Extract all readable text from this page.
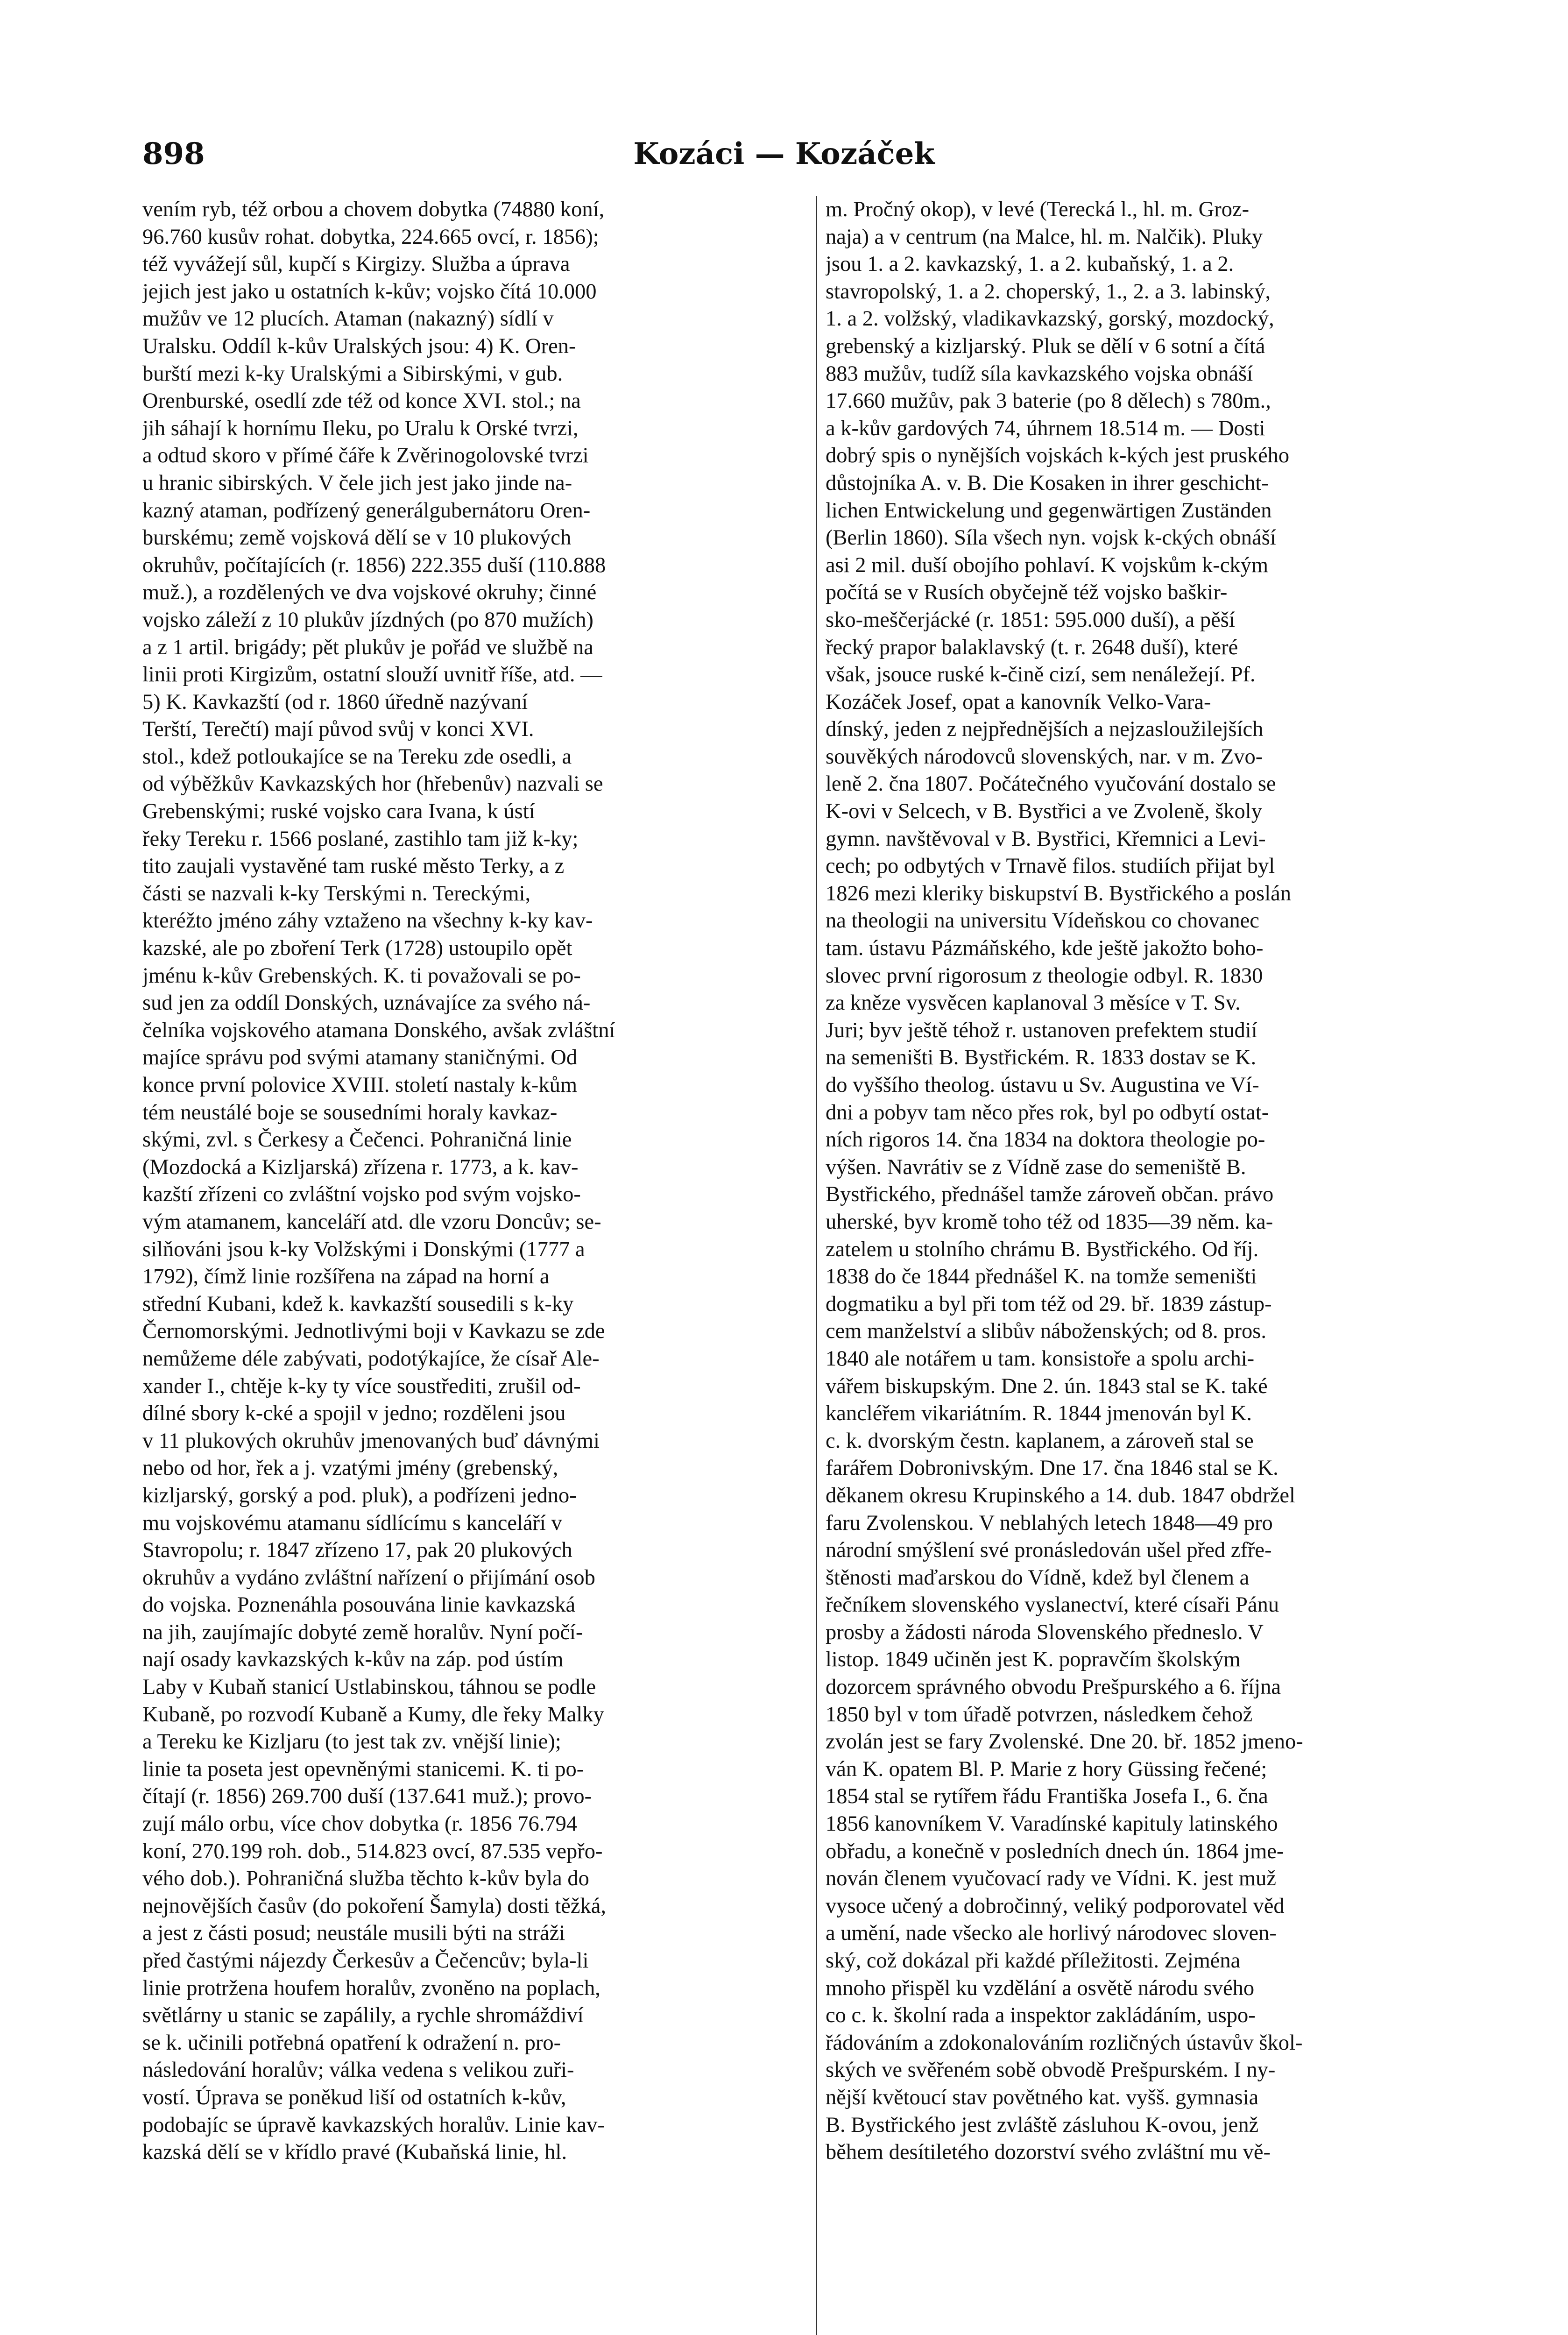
898	Kozáci — Kozáček
vením ryb, též orbou a chovem dobytka (74880 koní,
96.760 kusův rohat. dobytka, 224.665 ovcí, r. 1856);
též vyvážejí sůl, kupčí s Kirgizy. Služba a úprava
jejich jest jako u ostatních k-kův; vojsko čítá 10.000
mužův ve 12 plucích. Ataman (nakazný) sídlí v
Uralsku. Oddíl k-kův Uralských jsou: 4) K. Oren-
burští mezi k-ky Uralskými a Sibirskými, v gub.
Orenburské, osedlí zde též od konce XVI. stol.; na
jih sáhají k hornímu Ileku, po Uralu k Orské tvrzi,
a odtud skoro v přímé čáře k Zvěrinogolovské tvrzi
u hranic sibirských. V čele jich jest jako jinde na-
kazný ataman, podřízený generálgubernátoru Oren-
burskému; země vojsková dělí se v 10 plukových
okruhův, počítajících (r. 1856) 222.355 duší (110.888
muž.), a rozdělených ve dva vojskové okruhy; činné
vojsko záleží z 10 plukův jízdných (po 870 mužích)
a z 1 artil. brigády; pět plukův je pořád ve službě na
linii proti Kirgizům, ostatní slouží uvnitř říše, atd. —
5) K. Kavkazští (od r. 1860 úředně nazývaní
Terští, Terečtí) mají původ svůj v konci XVI.
stol., kdež potloukajíce se na Tereku zde osedli, a
od výběžkův Kavkazských hor (hřebenův) nazvali se
Grebenskými; ruské vojsko cara Ivana, k ústí
řeky Tereku r. 1566 poslané, zastihlo tam již k-ky;
tito zaujali vystavěné tam ruské město Terky, a z
části se nazvali k-ky Terskými n. Tereckými,
kteréžto jméno záhy vztaženo na všechny k-ky kav-
kazské, ale po zboření Terk (1728) ustoupilo opět
jménu k-kův Grebenských. K. ti považovali se po-
sud jen za oddíl Donských, uznávajíce za svého ná-
čelníka vojskového atamana Donského, avšak zvláštní
majíce správu pod svými atamany staničnými. Od
konce první polovice XVIII. století nastaly k-kům
tém neustálé boje se sousedními horaly kavkaz-
skými, zvl. s Čerkesy a Čečenci. Pohraničná linie
(Mozdocká a Kizljarská) zřízena r. 1773, a k. kav-
kazští zřízeni co zvláštní vojsko pod svým vojsko-
vým atamanem, kanceláří atd. dle vzoru Doncův; se-
silňováni jsou k-ky Volžskými i Donskými (1777 a
1792), čímž linie rozšířena na západ na horní a
střední Kubani, kdež k. kavkazští sousedili s k-ky
Černomorskými. Jednotlivými boji v Kavkazu se zde
nemůžeme déle zabývati, podotýkajíce, že císař Ale-
xander I., chtěje k-ky ty více soustřediti, zrušil od-
dílné sbory k-cké a spojil v jedno; rozděleni jsou
v 11 plukových okruhův jmenovaných buď dávnými
nebo od hor, řek a j. vzatými jmény (grebenský,
kizljarský, gorský a pod. pluk), a podřízeni jedno-
mu vojskovému atamanu sídlícímu s kanceláří v
Stavropolu; r. 1847 zřízeno 17, pak 20 plukových
okruhův a vydáno zvláštní nařízení o přijímání osob
do vojska. Poznenáhla posouvána linie kavkazská
na jih, zaujímajíc dobyté země horalův. Nyní počí-
nají osady kavkazských k-kův na záp. pod ústím
Laby v Kubaň stanicí Ustlabinskou, táhnou se podle
Kubaně, po rozvodí Kubaně a Kumy, dle řeky Malky
a Tereku ke Kizljaru (to jest tak zv. vnější linie);
linie ta poseta jest opevněnými stanicemi. K. ti po-
čítají (r. 1856) 269.700 duší (137.641 muž.); provo-
zují málo orbu, více chov dobytka (r. 1856 76.794
koní, 270.199 roh. dob., 514.823 ovcí, 87.535 vepřo-
vého dob.). Pohraničná služba těchto k-kův byla do
nejnovějších časův (do pokoření Šamyla) dosti těžká,
a jest z části posud; neustále musili býti na stráži
před častými nájezdy Čerkesův a Čečencův; byla-li
linie protržena houfem horalův, zvoněno na poplach,
světlárny u stanic se zapálily, a rychle shromáždiví
se k. učinili potřebná opatření k odražení n. pro-
následování horalův; válka vedena s velikou zuři-
vostí. Úprava se poněkud liší od ostatních k-kův,
podobajíc se úpravě kavkazských horalův. Linie kav-
kazská dělí se v křídlo pravé (Kubaňská linie, hl.
m. Pročný okop), v levé (Terecká l., hl. m. Groz-
naja) a v centrum (na Malce, hl. m. Nalčik). Pluky
jsou 1. a 2. kavkazský, 1. a 2. kubaňský, 1. a 2.
stavropolský, 1. a 2. choperský, 1., 2. a 3. labinský,
1. a 2. volžský, vladikavkazský, gorský, mozdocký,
grebenský a kizljarský. Pluk se dělí v 6 sotní a čítá
883 mužův, tudíž síla kavkazského vojska obnáší
17.660 mužův, pak 3 baterie (po 8 dělech) s 780m.,
a k-kův gardových 74, úhrnem 18.514 m. — Dosti
dobrý spis o nynějších vojskách k-kých jest pruského
důstojníka A. v. B. Die Kosaken in ihrer geschicht-
lichen Entwickelung und gegenwärtigen Zuständen
(Berlin 1860). Síla všech nyn. vojsk k-ckých obnáší
asi 2 mil. duší obojího pohlaví. K vojskům k-ckým
počítá se v Rusích obyčejně též vojsko baškir-
sko-meščerjácké (r. 1851: 595.000 duší), a pěší
řecký prapor balaklavský (t. r. 2648 duší), které
však, jsouce ruské k-čině cizí, sem nenáležejí. Pf.
Kozáček Josef, opat a kanovník Velko-Vara-
dínský, jeden z nejpřednějších a nejzasloužilejších
souvěkých národovců slovenských, nar. v m. Zvo-
leně 2. čna 1807. Počátečného vyučování dostalo se
K-ovi v Selcech, v B. Bystřici a ve Zvoleně, školy
gymn. navštěvoval v B. Bystřici, Křemnici a Levi-
cech; po odbytých v Trnavě filos. studiích přijat byl
1826 mezi kleriky biskupství B. Bystřického a poslán
na theologii na universitu Vídeňskou co chovanec
tam. ústavu Pázmáňského, kde ještě jakožto boho-
slovec první rigorosum z theologie odbyl. R. 1830
za kněze vysvěcen kaplanoval 3 měsíce v T. Sv.
Juri; byv ještě téhož r. ustanoven prefektem studií
na semeništi B. Bystřickém. R. 1833 dostav se K.
do vyššího theolog. ústavu u Sv. Augustina ve Ví-
dni a pobyv tam něco přes rok, byl po odbytí ostat-
ních rigoros 14. čna 1834 na doktora theologie po-
výšen. Navrátiv se z Vídně zase do semeniště B.
Bystřického, přednášel tamže zároveň občan. právo
uherské, byv kromě toho též od 1835—39 něm. ka-
zatelem u stolního chrámu B. Bystřického. Od říj.
1838 do če 1844 přednášel K. na tomže semeništi
dogmatiku a byl při tom též od 29. bř. 1839 zástup-
cem manželství a slibův náboženských; od 8. pros.
1840 ale notářem u tam. konsistoře a spolu archi-
vářem biskupským. Dne 2. ún. 1843 stal se K. také
kancléřem vikariátním. R. 1844 jmenován byl K.
c. k. dvorským čestn. kaplanem, a zároveň stal se
farářem Dobronivským. Dne 17. čna 1846 stal se K.
děkanem okresu Krupinského a 14. dub. 1847 obdržel
faru Zvolenskou. V neblahých letech 1848—49 pro
národní smýšlení své pronásledován ušel před zfře-
štěnosti maďarskou do Vídně, kdež byl členem a
řečníkem slovenského vyslanectví, které císaři Pánu
prosby a žádosti národa Slovenského předneslo. V
listop. 1849 učiněn jest K. popravčím školským
dozorcem správného obvodu Prešpurského a 6. října
1850 byl v tom úřadě potvrzen, následkem čehož
zvolán jest se fary Zvolenské. Dne 20. bř. 1852 jmeno-
ván K. opatem Bl. P. Marie z hory Güssing řečené;
1854 stal se rytířem řádu Františka Josefa I., 6. čna
1856 kanovníkem V. Varadínské kapituly latinského
obřadu, a konečně v posledních dnech ún. 1864 jme-
nován členem vyučovací rady ve Vídni. K. jest muž
vysoce učený a dobročinný, veliký podporovatel věd
a umění, nade všecko ale horlivý národovec sloven-
ský, což dokázal při každé příležitosti. Zejména
mnoho přispěl ku vzdělání a osvětě národu svého
co c. k. školní rada a inspektor zakládáním, uspo-
řádováním a zdokonalováním rozličných ústavův škol-
ských ve svěřeném sobě obvodě Prešpurském. I ny-
nější květoucí stav povětného kat. vyšš. gymnasia
B. Bystřického jest zvláště zásluhou K-ovou, jenž
během desítiletého dozorství svého zvláštní mu vě-
